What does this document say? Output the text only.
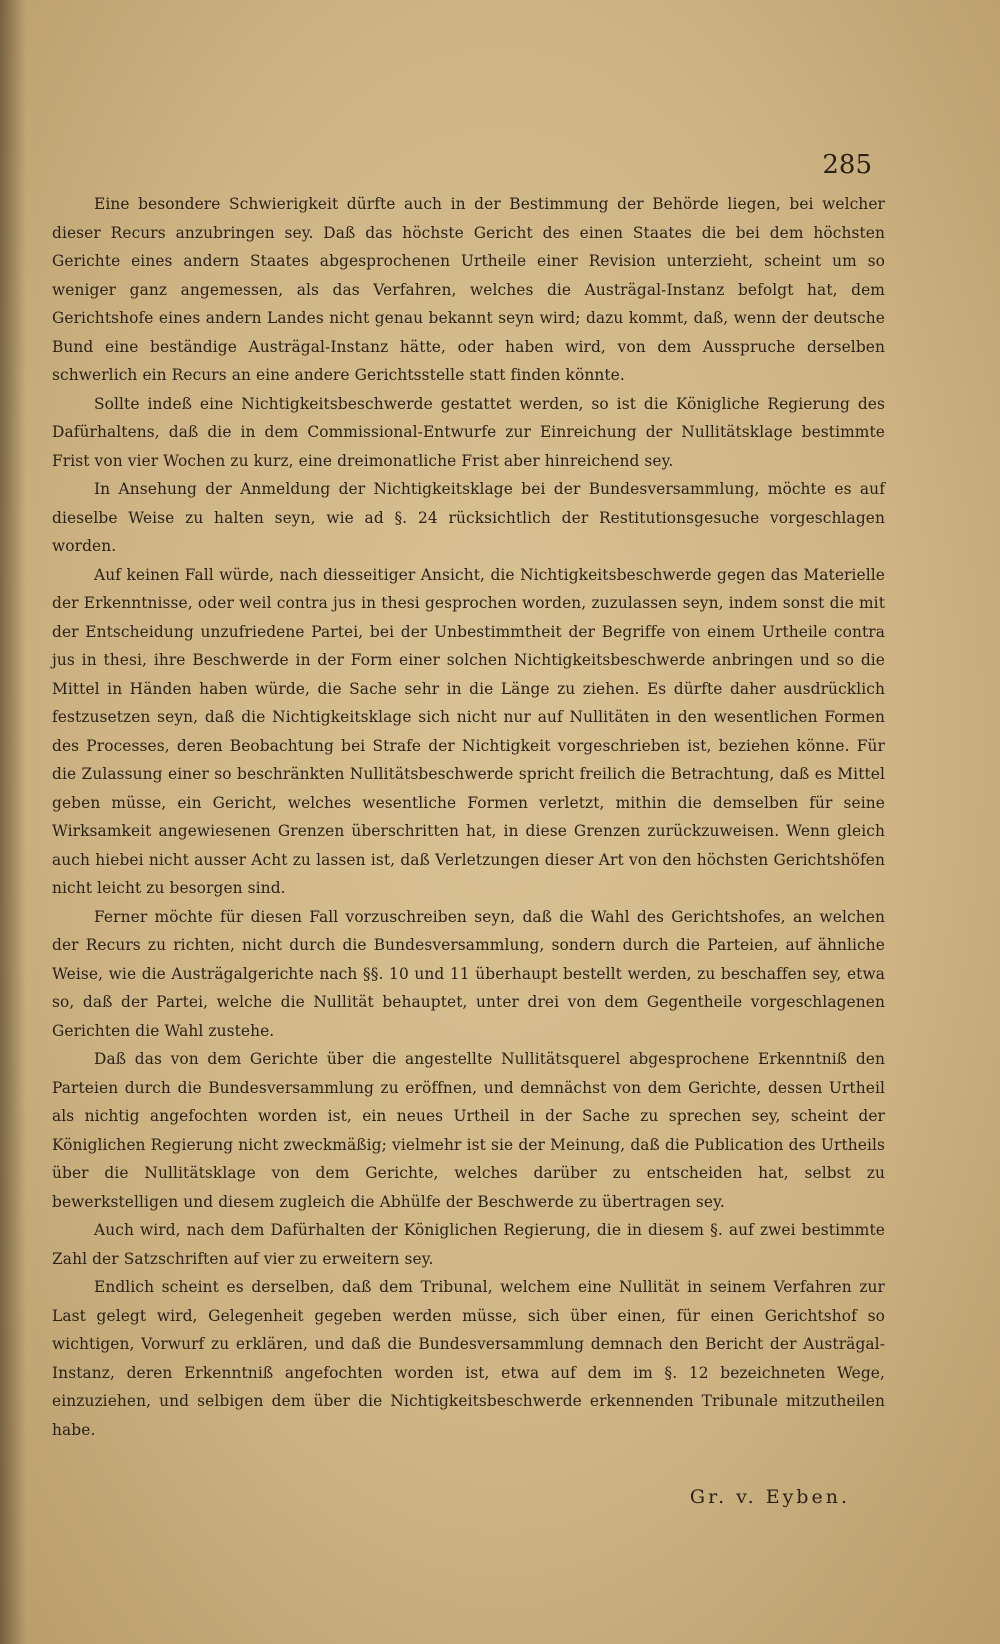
285

Eine besondere Schwierigkeit dürfte auch in der Bestimmung der Behörde liegen, bei welcher dieser Recurs anzubringen sey. Daß das höchste Gericht des einen Staates die bei dem höchsten Gerichte eines andern Staates abgesprochenen Urtheile einer Revision unterzieht, scheint um so weniger ganz angemessen, als das Verfahren, welches die Austrägal-Instanz befolgt hat, dem Gerichtshofe eines andern Landes nicht genau bekannt seyn wird; dazu kommt, daß, wenn der deutsche Bund eine beständige Austrägal-Instanz hätte, oder haben wird, von dem Ausspruche derselben schwerlich ein Recurs an eine andere Gerichtsstelle statt finden könnte.

Sollte indeß eine Nichtigkeitsbeschwerde gestattet werden, so ist die Königliche Regierung des Dafürhaltens, daß die in dem Commissional-Entwurfe zur Einreichung der Nullitätsklage bestimmte Frist von vier Wochen zu kurz, eine dreimonatliche Frist aber hinreichend sey.

In Ansehung der Anmeldung der Nichtigkeitsklage bei der Bundesversammlung, möchte es auf dieselbe Weise zu halten seyn, wie ad §. 24 rücksichtlich der Restitutionsgesuche vorgeschlagen worden.

Auf keinen Fall würde, nach diesseitiger Ansicht, die Nichtigkeitsbeschwerde gegen das Materielle der Erkenntnisse, oder weil contra jus in thesi gesprochen worden, zuzulassen seyn, indem sonst die mit der Entscheidung unzufriedene Partei, bei der Unbestimmtheit der Begriffe von einem Urtheile contra jus in thesi, ihre Beschwerde in der Form einer solchen Nichtigkeitsbeschwerde anbringen und so die Mittel in Händen haben würde, die Sache sehr in die Länge zu ziehen. Es dürfte daher ausdrücklich festzusetzen seyn, daß die Nichtigkeitsklage sich nicht nur auf Nullitäten in den wesentlichen Formen des Processes, deren Beobachtung bei Strafe der Nichtigkeit vorgeschrieben ist, beziehen könne. Für die Zulassung einer so beschränkten Nullitätsbeschwerde spricht freilich die Betrachtung, daß es Mittel geben müsse, ein Gericht, welches wesentliche Formen verletzt, mithin die demselben für seine Wirksamkeit angewiesenen Grenzen überschritten hat, in diese Grenzen zurückzuweisen. Wenn gleich auch hiebei nicht ausser Acht zu lassen ist, daß Verletzungen dieser Art von den höchsten Gerichtshöfen nicht leicht zu besorgen sind.

Ferner möchte für diesen Fall vorzuschreiben seyn, daß die Wahl des Gerichtshofes, an welchen der Recurs zu richten, nicht durch die Bundesversammlung, sondern durch die Parteien, auf ähnliche Weise, wie die Austrägalgerichte nach §§. 10 und 11 überhaupt bestellt werden, zu beschaffen sey, etwa so, daß der Partei, welche die Nullität behauptet, unter drei von dem Gegentheile vorgeschlagenen Gerichten die Wahl zustehe.

Daß das von dem Gerichte über die angestellte Nullitätsquerel abgesprochene Erkenntniß den Parteien durch die Bundesversammlung zu eröffnen, und demnächst von dem Gerichte, dessen Urtheil als nichtig angefochten worden ist, ein neues Urtheil in der Sache zu sprechen sey, scheint der Königlichen Regierung nicht zweckmäßig; vielmehr ist sie der Meinung, daß die Publication des Urtheils über die Nullitätsklage von dem Gerichte, welches darüber zu entscheiden hat, selbst zu bewerkstelligen und diesem zugleich die Abhülfe der Beschwerde zu übertragen sey.

Auch wird, nach dem Dafürhalten der Königlichen Regierung, die in diesem §. auf zwei bestimmte Zahl der Satzschriften auf vier zu erweitern sey.

Endlich scheint es derselben, daß dem Tribunal, welchem eine Nullität in seinem Verfahren zur Last gelegt wird, Gelegenheit gegeben werden müsse, sich über einen, für einen Gerichtshof so wichtigen, Vorwurf zu erklären, und daß die Bundesversammlung demnach den Bericht der Austrägal-Instanz, deren Erkenntniß angefochten worden ist, etwa auf dem im §. 12 bezeichneten Wege, einzuziehen, und selbigen dem über die Nichtigkeitsbeschwerde erkennenden Tribunale mitzutheilen habe.

Gr. v. Eyben.
